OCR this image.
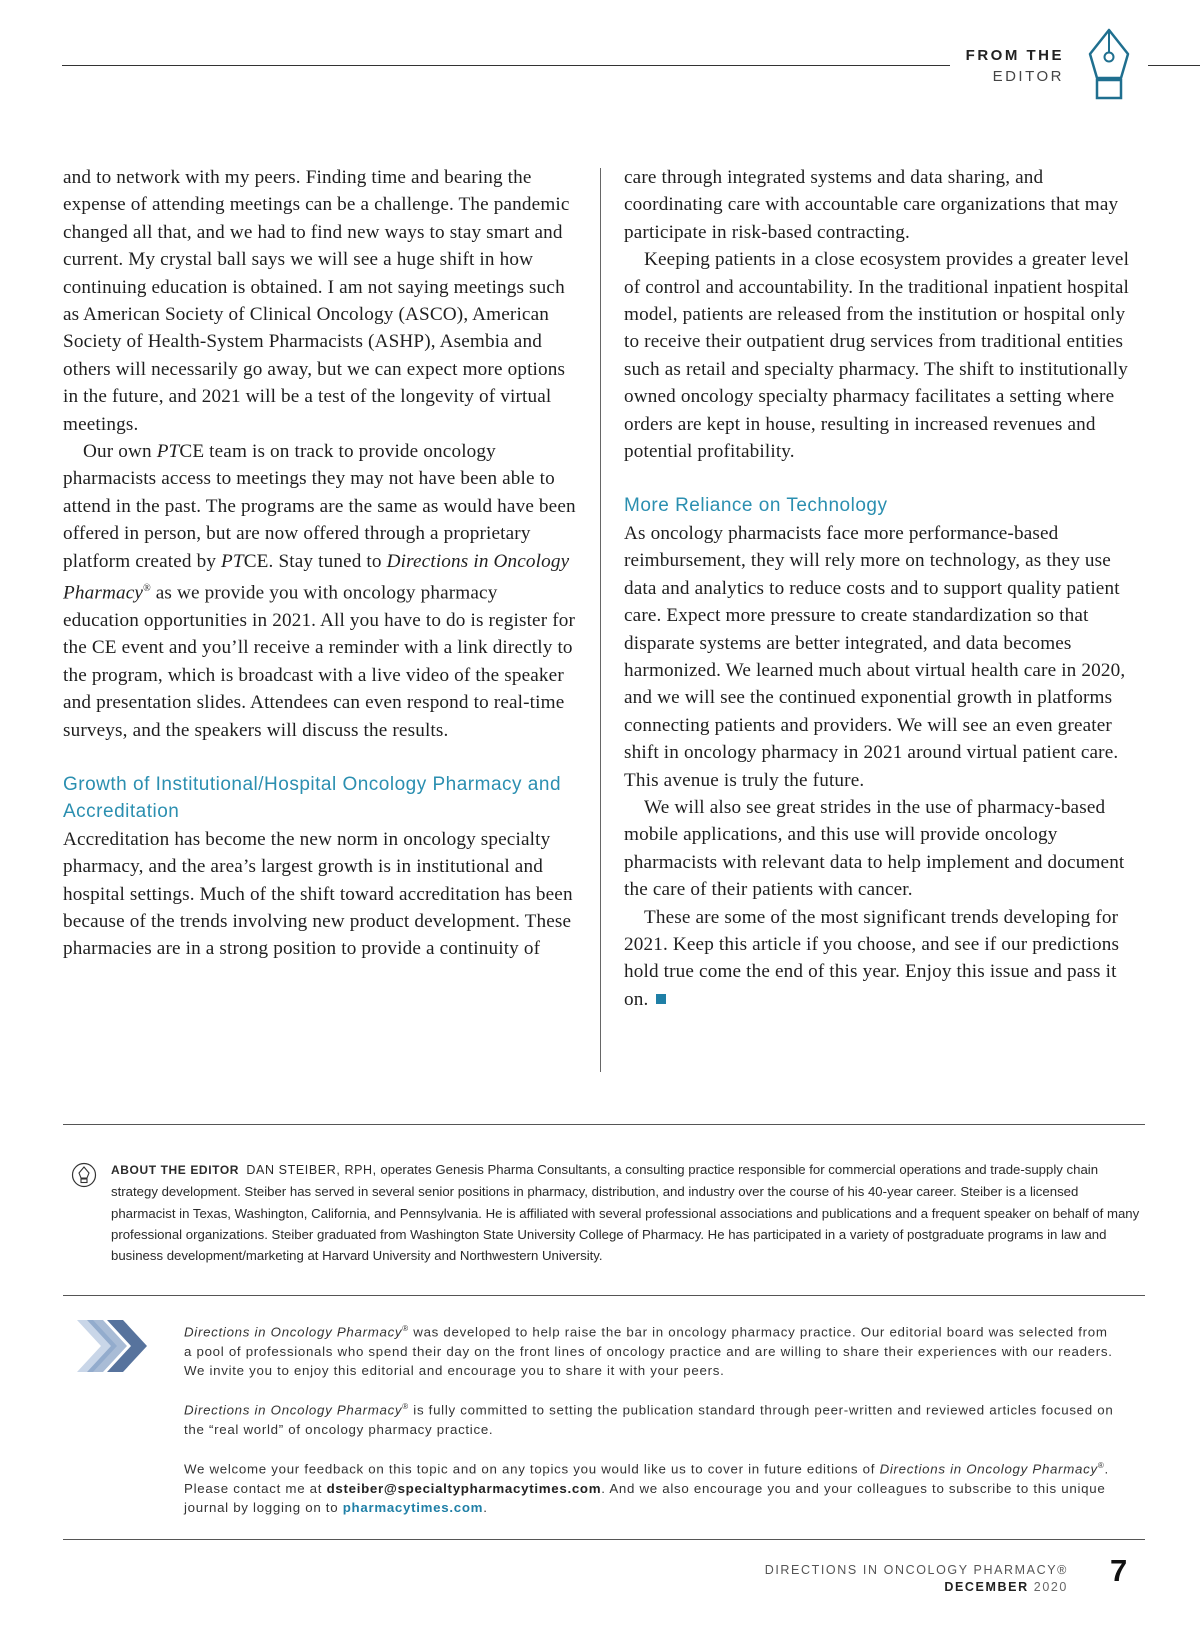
FROM THE
EDITOR

and to network with my peers. Finding time and bearing the expense of attending meetings can be a challenge. The pandemic changed all that, and we had to find new ways to stay smart and current. My crystal ball says we will see a huge shift in how continuing education is obtained. I am not saying meetings such as American Society of Clinical Oncology (ASCO), American Society of Health-System Pharmacists (ASHP), Asembia and others will necessarily go away, but we can expect more options in the future, and 2021 will be a test of the longevity of virtual meetings.

Our own PTCE team is on track to provide oncology pharmacists access to meetings they may not have been able to attend in the past. The programs are the same as would have been offered in person, but are now offered through a proprietary platform created by PTCE. Stay tuned to Directions in Oncology Pharmacy® as we provide you with oncology pharmacy education opportunities in 2021. All you have to do is register for the CE event and you’ll receive a reminder with a link directly to the program, which is broadcast with a live video of the speaker and presentation slides. Attendees can even respond to real-time surveys, and the speakers will discuss the results.

Growth of Institutional/Hospital Oncology Pharmacy and Accreditation

Accreditation has become the new norm in oncology specialty pharmacy, and the area’s largest growth is in institutional and hospital settings. Much of the shift toward accreditation has been because of the trends involving new product development. These pharmacies are in a strong position to provide a continuity of

care through integrated systems and data sharing, and coordinating care with accountable care organizations that may participate in risk-based contracting.

Keeping patients in a close ecosystem provides a greater level of control and accountability. In the traditional inpatient hospital model, patients are released from the institution or hospital only to receive their outpatient drug services from traditional entities such as retail and specialty pharmacy. The shift to institutionally owned oncology specialty pharmacy facilitates a setting where orders are kept in house, resulting in increased revenues and potential profitability.

More Reliance on Technology

As oncology pharmacists face more performance-based reimbursement, they will rely more on technology, as they use data and analytics to reduce costs and to support quality patient care. Expect more pressure to create standardization so that disparate systems are better integrated, and data becomes harmonized. We learned much about virtual health care in 2020, and we will see the continued exponential growth in platforms connecting patients and providers. We will see an even greater shift in oncology pharmacy in 2021 around virtual patient care. This avenue is truly the future.

We will also see great strides in the use of pharmacy-based mobile applications, and this use will provide oncology pharmacists with relevant data to help implement and document the care of their patients with cancer.

These are some of the most significant trends developing for 2021. Keep this article if you choose, and see if our predictions hold true come the end of this year. Enjoy this issue and pass it on.

ABOUT THE EDITOR DAN STEIBER, RPH, operates Genesis Pharma Consultants, a consulting practice responsible for commercial operations and trade-supply chain strategy development. Steiber has served in several senior positions in pharmacy, distribution, and industry over the course of his 40-year career. Steiber is a licensed pharmacist in Texas, Washington, California, and Pennsylvania. He is affiliated with several professional associations and publications and a frequent speaker on behalf of many professional organizations. Steiber graduated from Washington State University College of Pharmacy. He has participated in a variety of postgraduate programs in law and business development/marketing at Harvard University and Northwestern University.

Directions in Oncology Pharmacy® was developed to help raise the bar in oncology pharmacy practice. Our editorial board was selected from a pool of professionals who spend their day on the front lines of oncology practice and are willing to share their experiences with our readers. We invite you to enjoy this editorial and encourage you to share it with your peers.

Directions in Oncology Pharmacy® is fully committed to setting the publication standard through peer-written and reviewed articles focused on the “real world” of oncology pharmacy practice.

We welcome your feedback on this topic and on any topics you would like us to cover in future editions of Directions in Oncology Pharmacy®. Please contact me at dsteiber@specialtypharmacytimes.com. And we also encourage you and your colleagues to subscribe to this unique journal by logging on to pharmacytimes.com.

DIRECTIONS IN ONCOLOGY PHARMACY®
DECEMBER 2020 7
